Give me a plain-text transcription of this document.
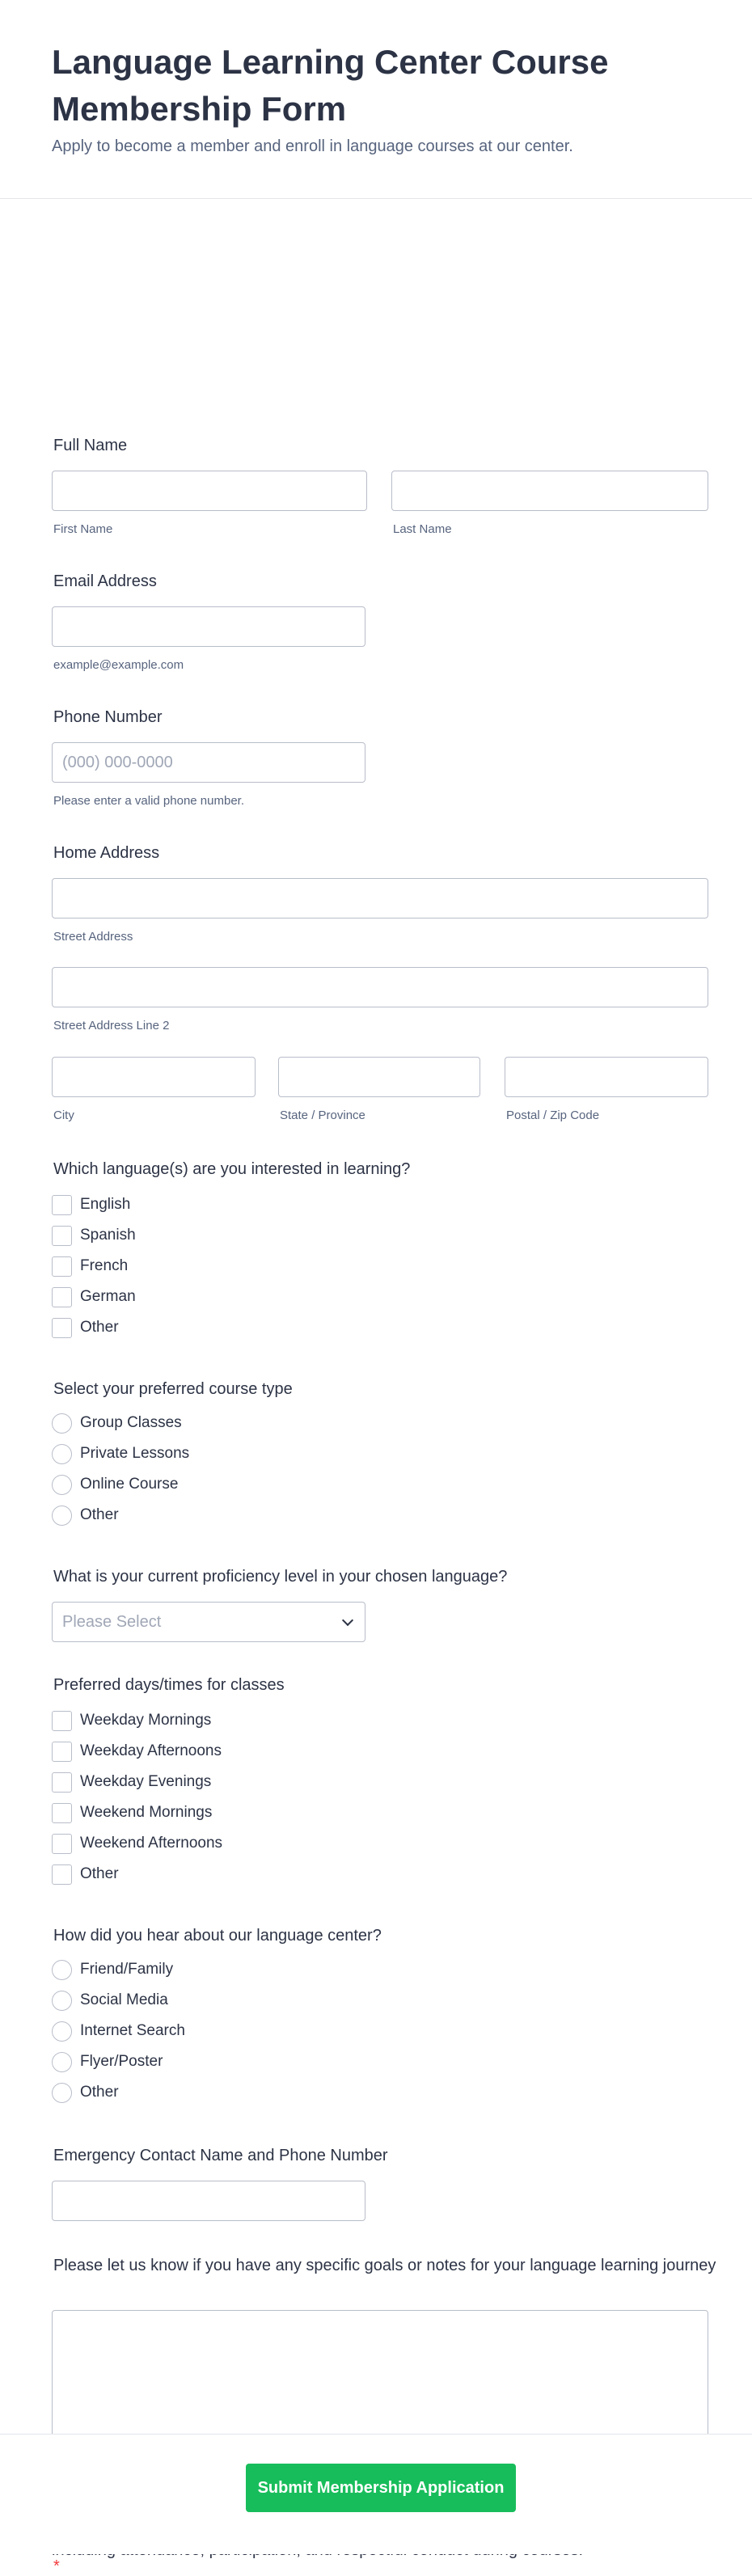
Language Learning Center Course Membership Form

Apply to become a member and enroll in language courses at our center.

Full Name
First Name	Last Name
Email Address
example@example.com
Phone Number
(000) 000-0000
Please enter a valid phone number.
Home Address
Street Address
Street Address Line 2
City	State / Province	Postal / Zip Code
Which language(s) are you interested in learning?
English
Spanish
French
German
Other
Select your preferred course type
Group Classes
Private Lessons
Online Course
Other
What is your current proficiency level in your chosen language?
Please Select
Preferred days/times for classes
Weekday Mornings
Weekday Afternoons
Weekday Evenings
Weekend Mornings
Weekend Afternoons
Other
How did you hear about our language center?
Friend/Family
Social Media
Internet Search
Flyer/Poster
Other
Emergency Contact Name and Phone Number
Please let us know if you have any specific goals or notes for your language learning journey
*
Submit Membership Application
